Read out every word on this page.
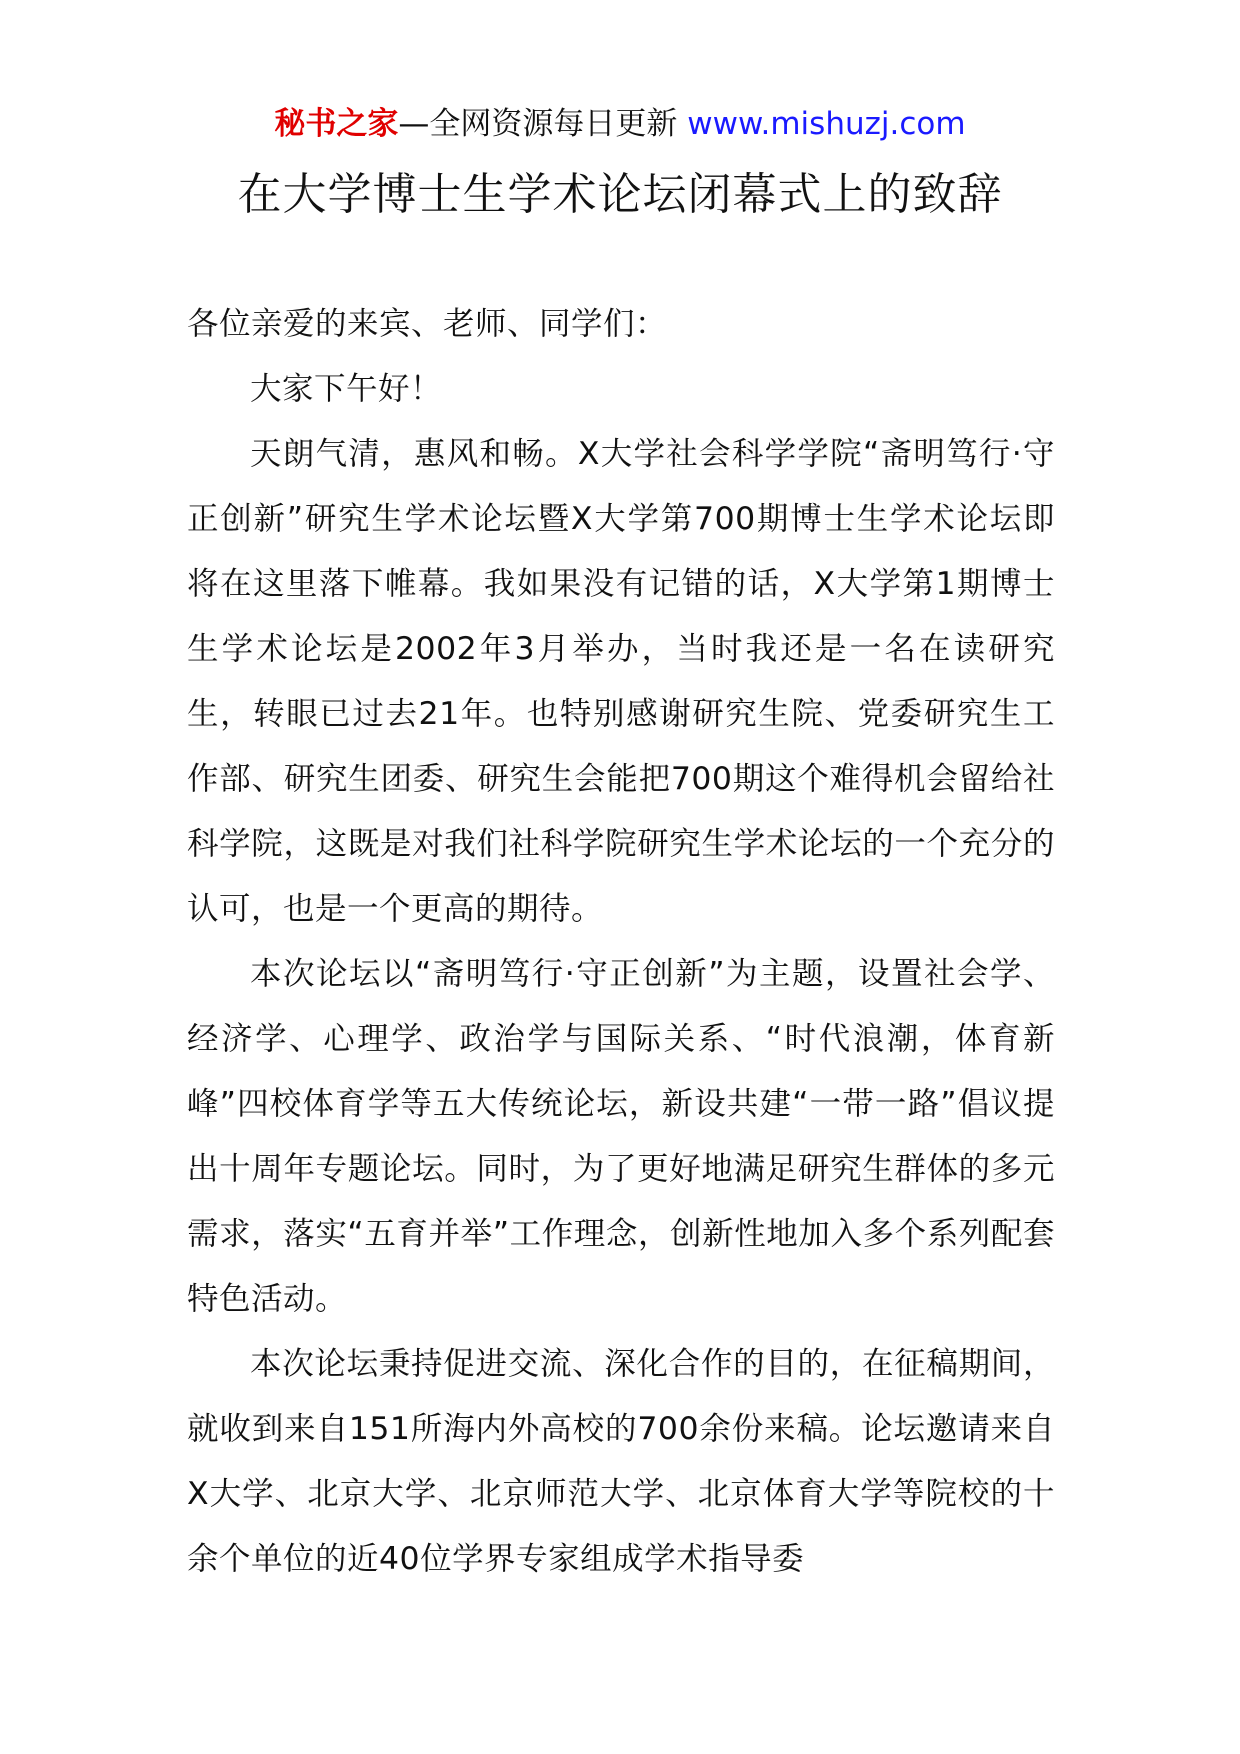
秘书之家—全网资源每日更新 www.mishuzj.com
在大学博士生学术论坛闭幕式上的致辞

各位亲爱的来宾、老师、同学们：

大家下午好！

天朗气清，惠风和畅。X大学社会科学学院“斋明笃行·守正创新”研究生学术论坛暨X大学第700期博士生学术论坛即将在这里落下帷幕。我如果没有记错的话，X大学第1期博士生学术论坛是2002年3月举办，当时我还是一名在读研究生，转眼已过去21年。也特别感谢研究生院、党委研究生工作部、研究生团委、研究生会能把700期这个难得机会留给社科学院，这既是对我们社科学院研究生学术论坛的一个充分的认可，也是一个更高的期待。

本次论坛以“斋明笃行·守正创新”为主题，设置社会学、经济学、心理学、政治学与国际关系、“时代浪潮，体育新峰”四校体育学等五大传统论坛，新设共建“一带一路”倡议提出十周年专题论坛。同时，为了更好地满足研究生群体的多元需求，落实“五育并举”工作理念，创新性地加入多个系列配套特色活动。

本次论坛秉持促进交流、深化合作的目的，在征稿期间，就收到来自151所海内外高校的700余份来稿。论坛邀请来自X大学、北京大学、北京师范大学、北京体育大学等院校的十余个单位的近40位学界专家组成学术指导委
